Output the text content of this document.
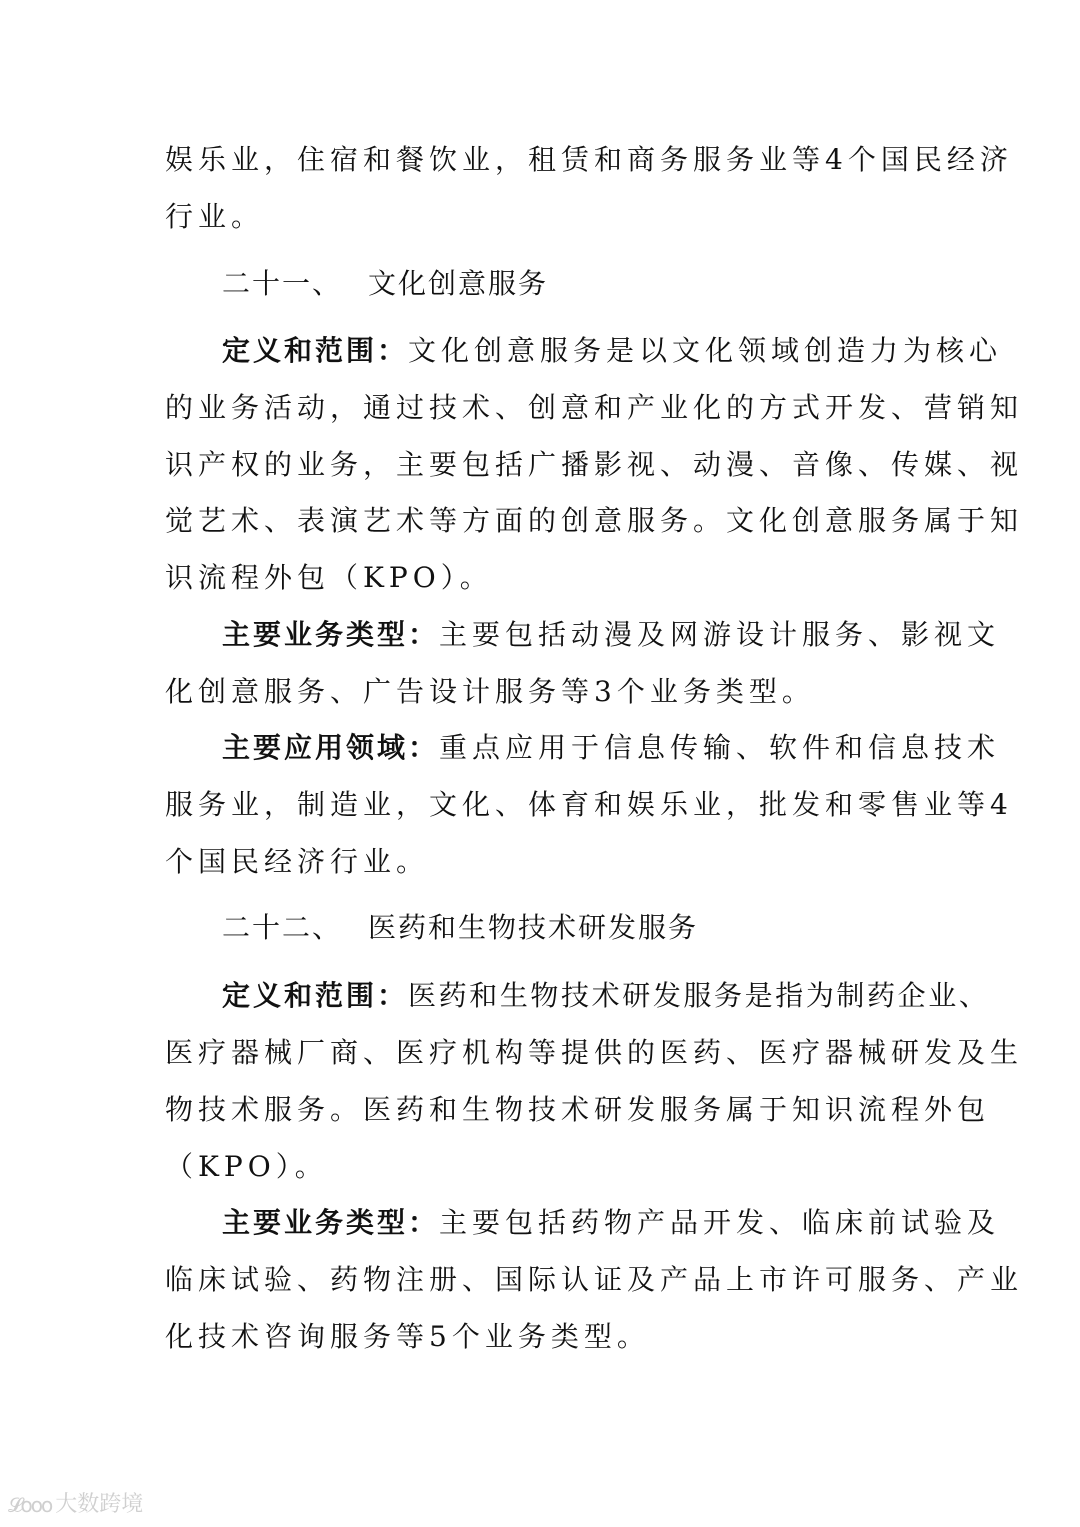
娱乐业，住宿和餐饮业，租赁和商务服务业等4个国民经济
行业。
二十一、 文化创意服务
定义和范围：文化创意服务是以文化领域创造力为核心
的业务活动，通过技术、创意和产业化的方式开发、营销知
识产权的业务，主要包括广播影视、动漫、音像、传媒、视
觉艺术、表演艺术等方面的创意服务。文化创意服务属于知
识流程外包（KPO）。
主要业务类型：主要包括动漫及网游设计服务、影视文
化创意服务、广告设计服务等3个业务类型。
主要应用领域：重点应用于信息传输、软件和信息技术
服务业，制造业，文化、体育和娱乐业，批发和零售业等4
个国民经济行业。
二十二、 医药和生物技术研发服务
定义和范围：医药和生物技术研发服务是指为制药企业、
医疗器械厂商、医疗机构等提供的医药、医疗器械研发及生
物技术服务。医药和生物技术研发服务属于知识流程外包
（KPO）。
主要业务类型：主要包括药物产品开发、临床前试验及
临床试验、药物注册、国际认证及产品上市许可服务、产业
化技术咨询服务等5个业务类型。
𝓛ooo 大数跨境
